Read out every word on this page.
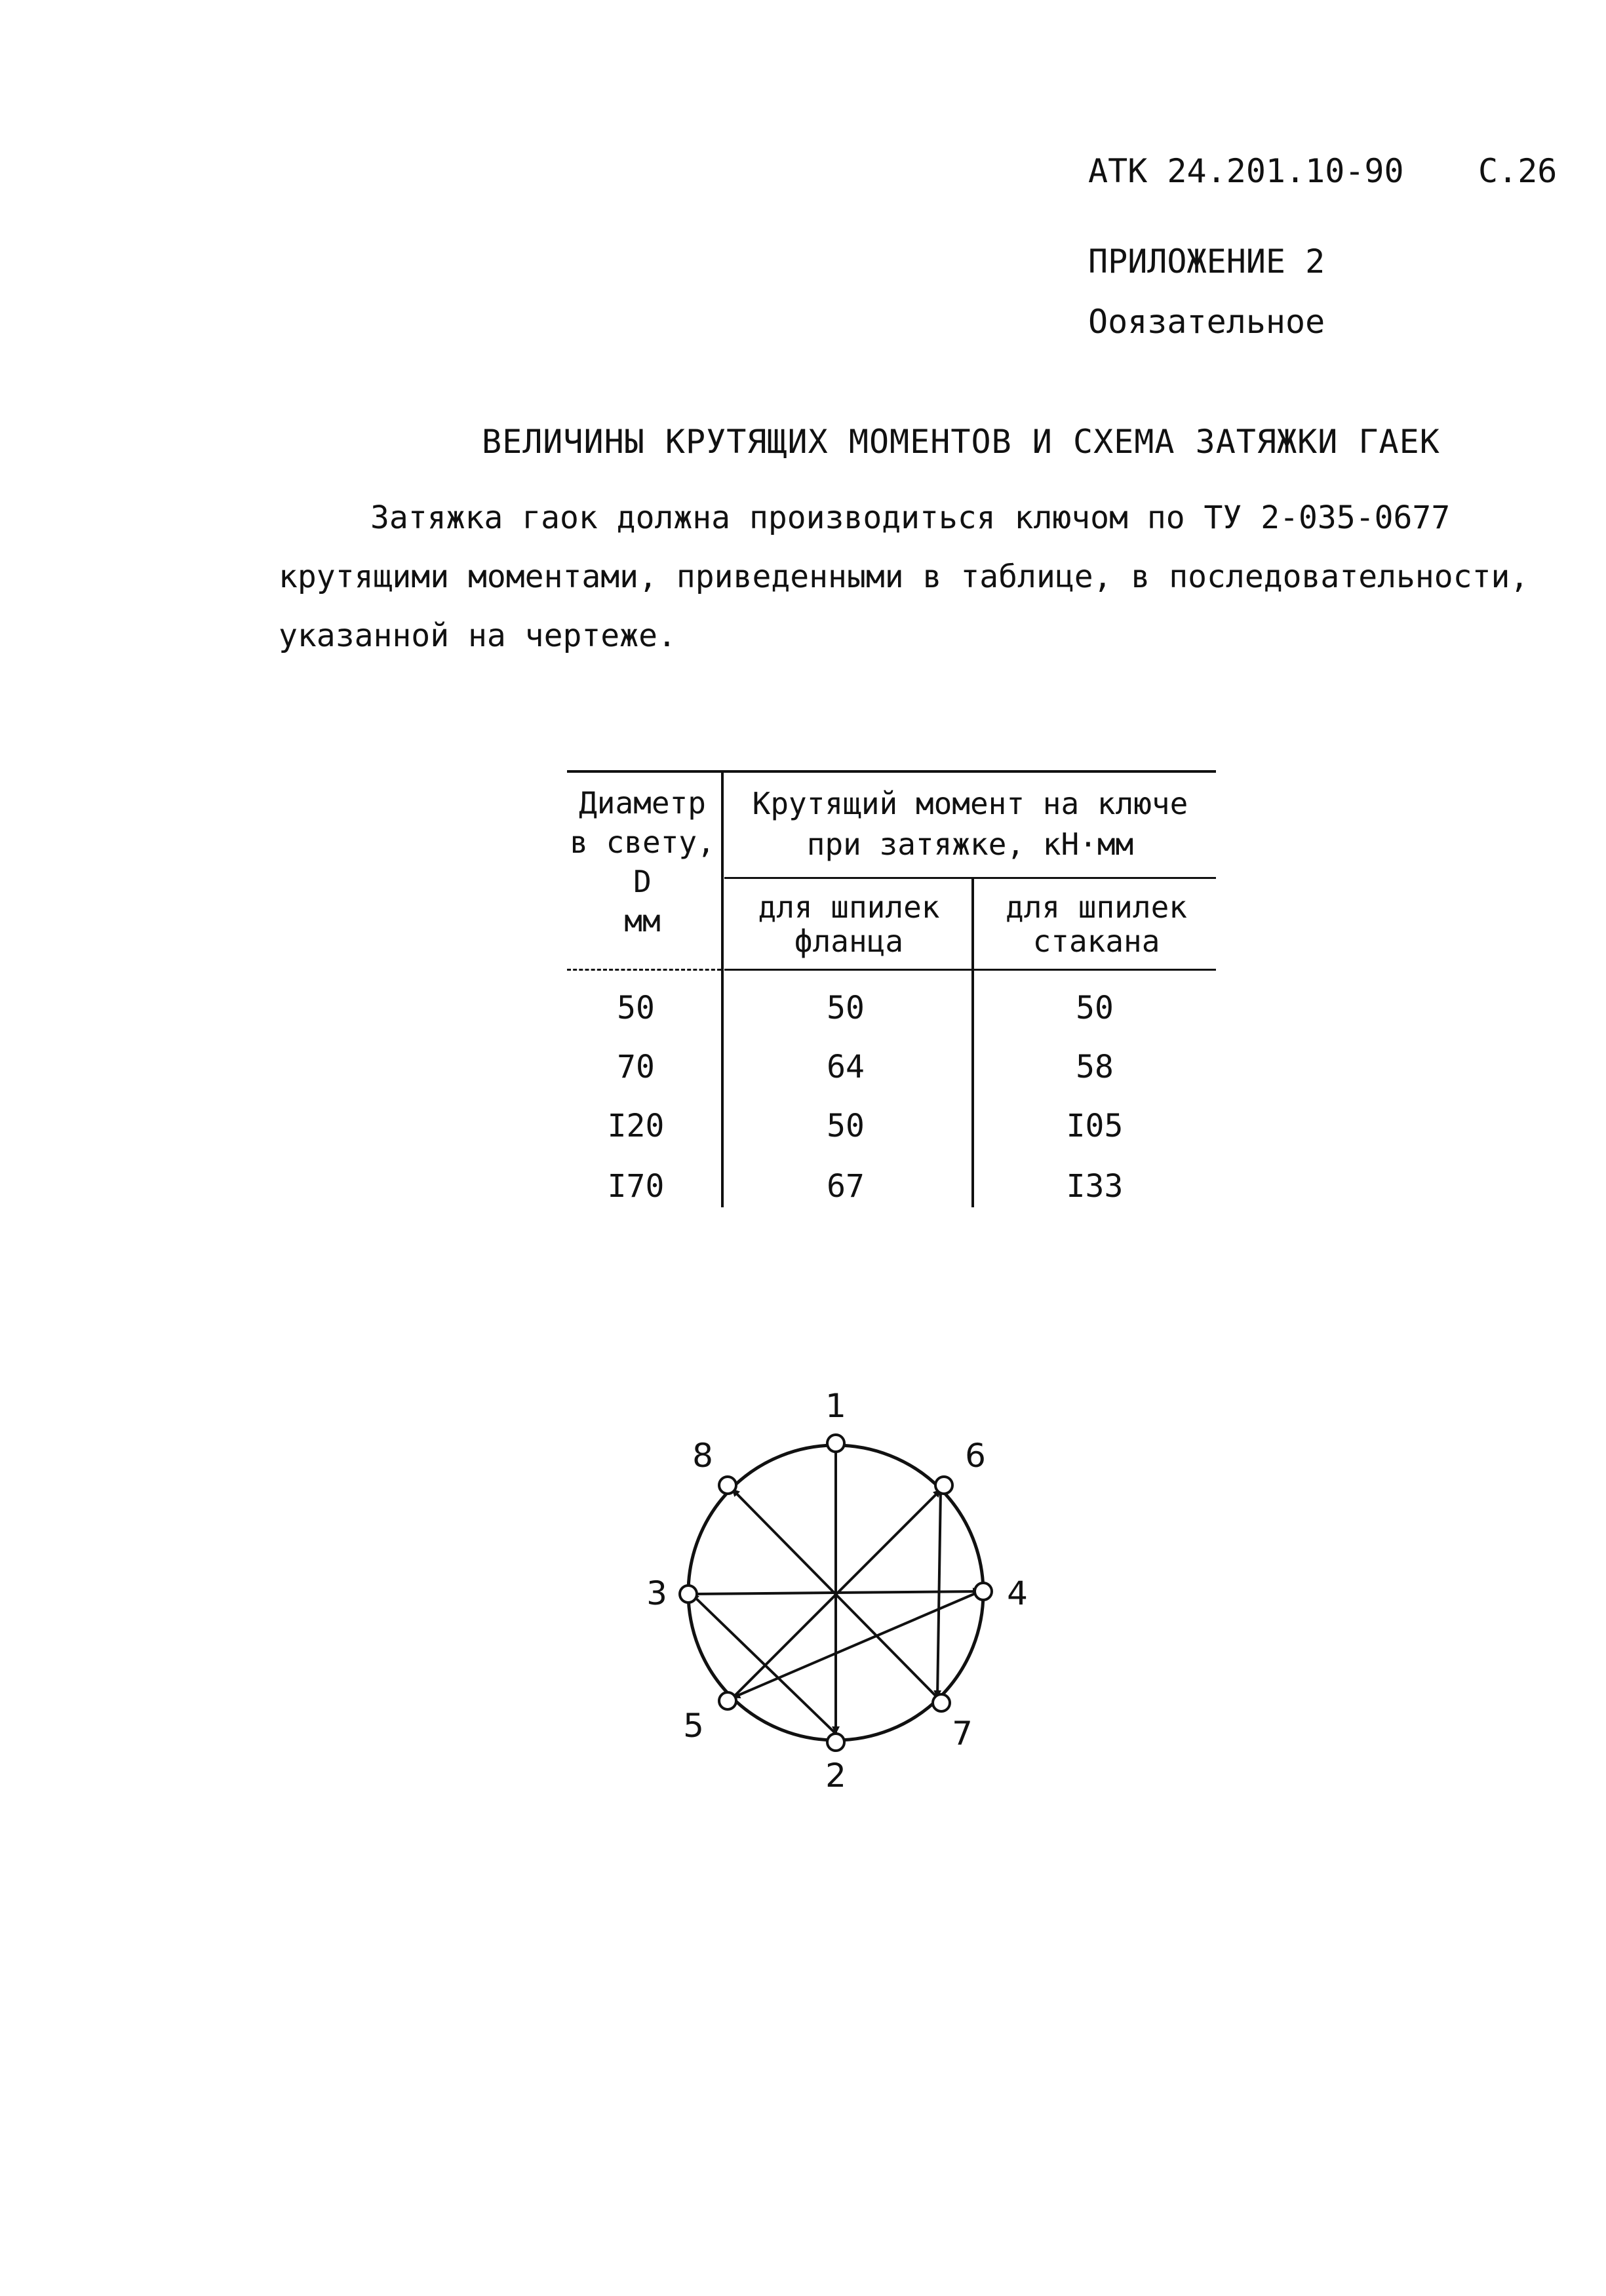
АТК 24.201.10-90 С.26
ПРИЛОЖЕНИЕ 2
Ооязательное
ВЕЛИЧИНЫ КРУТЯЩИХ МОМЕНТОВ И СХЕМА ЗАТЯЖКИ ГАЕК
Затяжка гаок должна производиться ключом по ТУ 2-035-0677
крутящими моментами, приведенными в таблице, в последовательности,
указанной на чертеже.
Диаметр
в свету,
D
мм
Крутящий момент на ключе
при затяжке, кН·мм
для шпилек
фланца
для шпилек
стакана
50	50	50
70	64	58
I20	50	I05
I70	67	I33
1
2
3	4
5
6
7
8
